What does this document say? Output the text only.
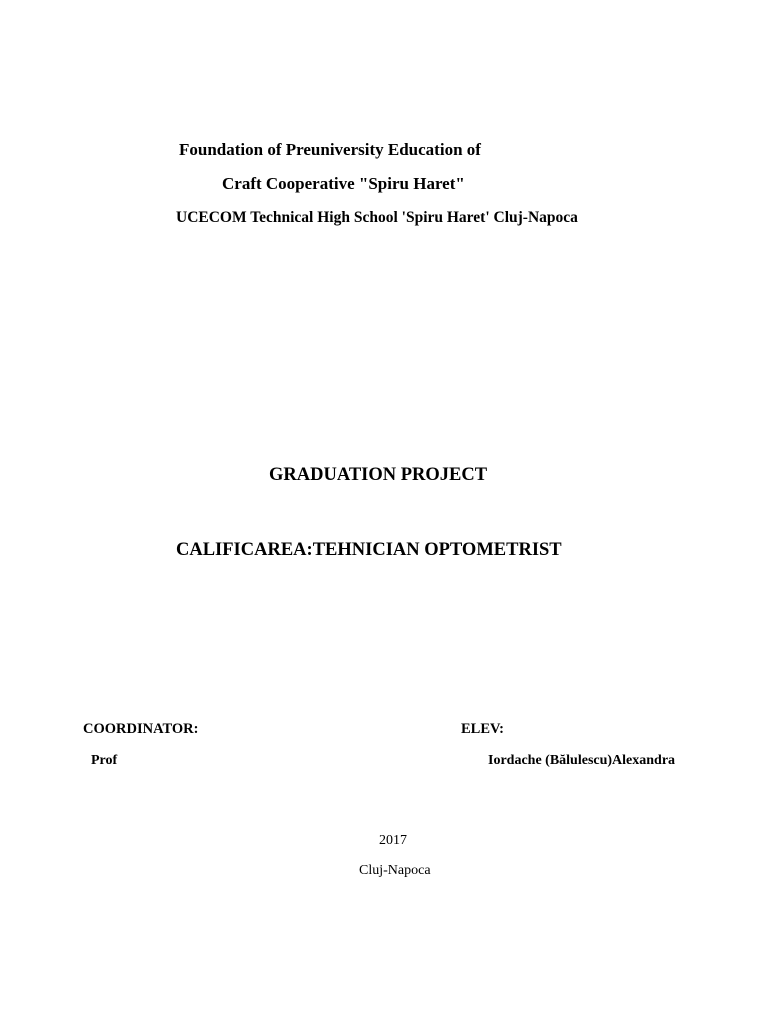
Foundation of Preuniversity Education of
Craft Cooperative "Spiru Haret"
UCECOM Technical High School 'Spiru Haret' Cluj-Napoca
GRADUATION PROJECT
CALIFICAREA:TEHNICIAN OPTOMETRIST
COORDINATOR:	ELEV:
Prof	Iordache (Bălulescu)Alexandra
2017
Cluj-Napoca
